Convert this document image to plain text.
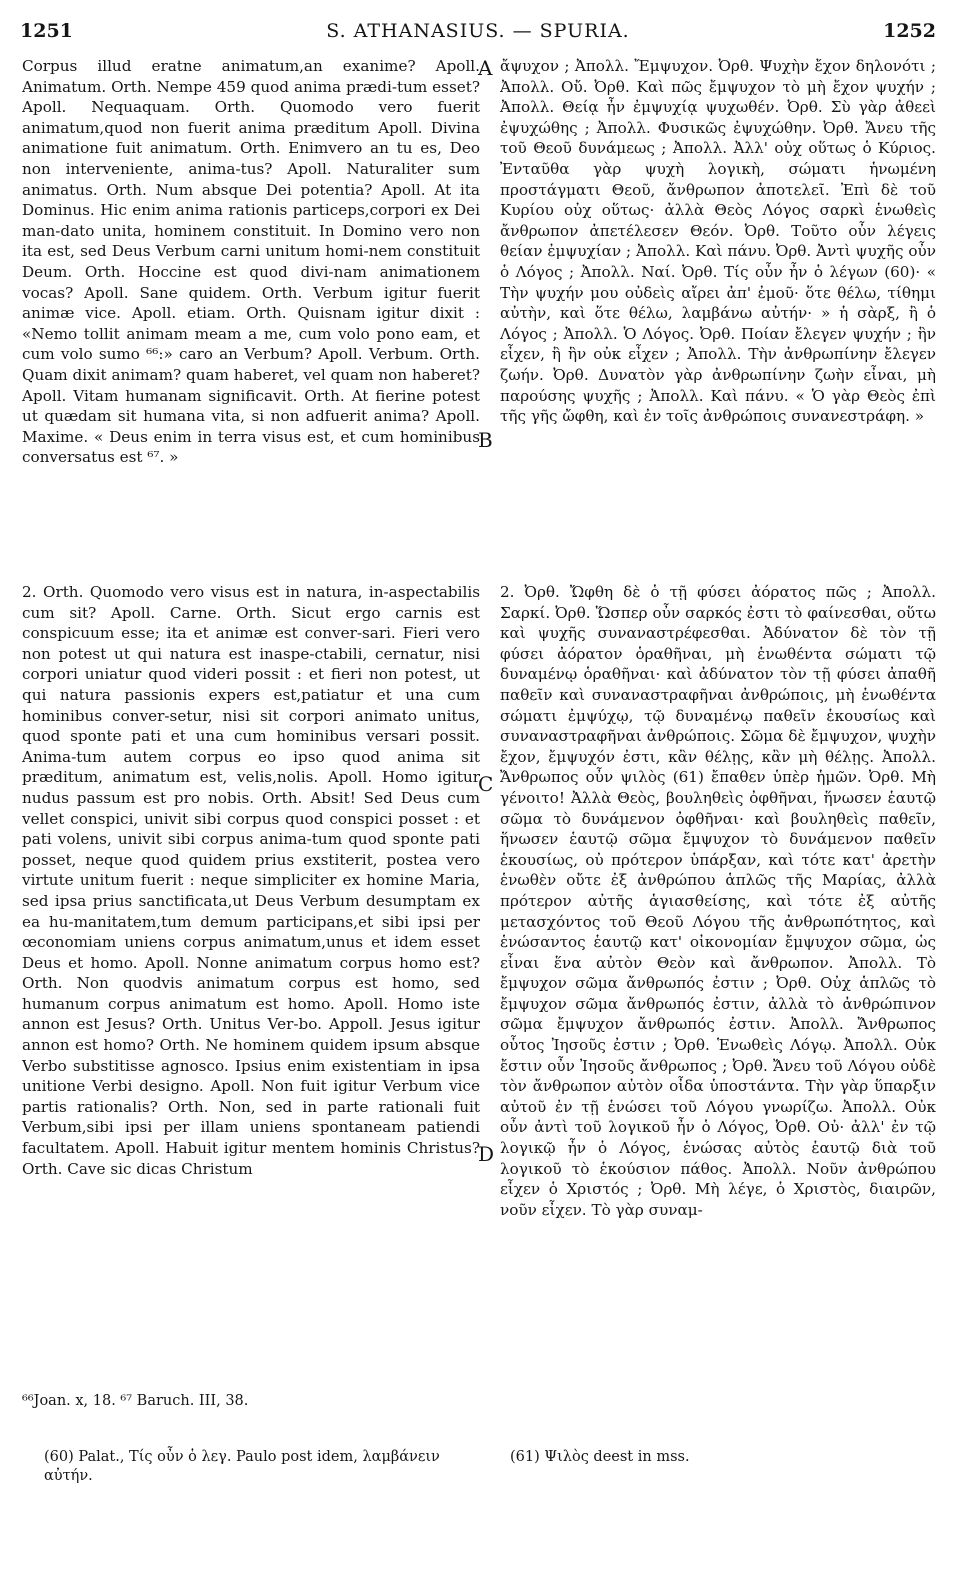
1251	S. ATHANASIUS. — SPURIA.	1252

Corpus illud eratne animatum,an exanime? Apoll. Animatum. Orth. Nempe 459 quod anima prædi-tum esset? Apoll. Nequaquam. Orth. Quomodo vero fuerit animatum,quod non fuerit anima præditum Apoll. Divina animatione fuit animatum. Orth. Enimvero an tu es, Deo non interveniente, anima-tus? Apoll. Naturaliter sum animatus. Orth. Num absque Dei potentia? Apoll. At ita Dominus. Hic enim anima rationis particeps,corpori ex Dei man-dato unita, hominem constituit. In Domino vero non ita est, sed Deus Verbum carni unitum homi-nem constituit Deum. Orth. Hoccine est quod divi-nam animationem vocas? Apoll. Sane quidem. Orth. Verbum igitur fuerit animæ vice. Apoll. etiam. Orth. Quisnam igitur dixit : «Nemo tollit animam meam a me, cum volo pono eam, et cum volo sumo ⁶⁶:» caro an Verbum? Apoll. Verbum. Orth. Quam dixit animam? quam haberet, vel quam non haberet? Apoll. Vitam humanam significavit. Orth. At fierine potest ut quædam sit humana vita, si non adfuerit anima? Apoll. Maxime. « Deus enim in terra visus est, et cum hominibus conversatus est ⁶⁷. »

2. Orth. Quomodo vero visus est in natura, in-aspectabilis cum sit? Apoll. Carne. Orth. Sicut ergo carnis est conspicuum esse; ita et animæ est conver-sari. Fieri vero non potest ut qui natura est inaspe-ctabili, cernatur, nisi corpori uniatur quod videri possit : et fieri non potest, ut qui natura passionis expers est,patiatur et una cum hominibus conver-setur, nisi sit corpori animato unitus, quod sponte pati et una cum hominibus versari possit. Anima-tum autem corpus eo ipso quod anima sit præditum, animatum est, velis,nolis. Apoll. Homo igitur nudus passum est pro nobis. Orth. Absit! Sed Deus cum vellet conspici, univit sibi corpus quod conspici posset : et pati volens, univit sibi corpus anima-tum quod sponte pati posset, neque quod quidem prius exstiterit, postea vero virtute unitum fuerit : neque simpliciter ex homine Maria, sed ipsa prius sanctificata,ut Deus Verbum desumptam ex ea hu-manitatem,tum demum participans,et sibi ipsi per œconomiam uniens corpus animatum,unus et idem esset Deus et homo. Apoll. Nonne animatum corpus homo est? Orth. Non quodvis animatum corpus est homo, sed humanum corpus animatum est homo. Apoll. Homo iste annon est Jesus? Orth. Unitus Ver-bo. Appoll. Jesus igitur annon est homo? Orth. Ne hominem quidem ipsum absque Verbo substitisse agnosco. Ipsius enim existentiam in ipsa unitione Verbi designo. Apoll. Non fuit igitur Verbum vice partis rationalis? Orth. Non, sed in parte rationali fuit Verbum,sibi ipsi per illam uniens spontaneam patiendi facultatem. Apoll. Habuit igitur mentem hominis Christus? Orth. Cave sic dicas Christum

ἄψυχον ; Ἀπολλ. Ἔμψυχον. Ὀρθ. Ψυχὴν ἔχον δηλονότι ; Ἀπολλ. Οὔ. Ὀρθ. Καὶ πῶς ἔμψυχον τὸ μὴ ἔχον ψυχήν ; Ἀπολλ. Θείᾳ ἦν ἐμψυχίᾳ ψυχωθέν. Ὀρθ. Σὺ γὰρ ἀθεεὶ ἐψυχώθης ; Ἀπολλ. Φυσικῶς ἐψυχώθην. Ὀρθ. Ἄνευ τῆς τοῦ Θεοῦ δυνάμεως ; Ἀπολλ. Ἀλλ' οὐχ οὕτως ὁ Κύριος. Ἐνταῦθα γὰρ ψυχὴ λογικὴ, σώματι ἡνωμένη προστάγματι Θεοῦ, ἄνθρωπον ἀποτελεῖ. Ἐπὶ δὲ τοῦ Κυρίου οὐχ οὕτως· ἀλλὰ Θεὸς Λόγος σαρκὶ ἑνωθεὶς ἄνθρωπον ἀπετέλεσεν Θεόν. Ὀρθ. Τοῦτο οὖν λέγεις θείαν ἐμψυχίαν ; Ἀπολλ. Καὶ πάνυ. Ὀρθ. Ἀντὶ ψυχῆς οὖν ὁ Λόγος ; Ἀπολλ. Ναί. Ὀρθ. Τίς οὖν ἦν ὁ λέγων (60)· « Τὴν ψυχήν μου οὐδεὶς αἴρει ἀπ' ἐμοῦ· ὅτε θέλω, τίθημι αὐτὴν, καὶ ὅτε θέλω, λαμβάνω αὐτήν· » ἡ σὰρξ, ἢ ὁ Λόγος ; Ἀπολλ. Ὁ Λόγος. Ὀρθ. Ποίαν ἔλεγεν ψυχήν ; ἣν εἶχεν, ἢ ἣν οὐκ εἶχεν ; Ἀπολλ. Τὴν ἀνθρωπίνην ἔλεγεν ζωήν. Ὀρθ. Δυνατὸν γὰρ ἀνθρωπίνην ζωὴν εἶναι, μὴ παρούσης ψυχῆς ; Ἀπολλ. Καὶ πάνυ. « Ὁ γὰρ Θεὸς ἐπὶ τῆς γῆς ὤφθη, καὶ ἐν τοῖς ἀνθρώποις συνανεστράφη. »

2. Ὀρθ. Ὤφθη δὲ ὁ τῇ φύσει ἀόρατος πῶς ; Ἀπολλ. Σαρκί. Ὀρθ. Ὥσπερ οὖν σαρκός ἐστι τὸ φαίνεσθαι, οὕτω καὶ ψυχῆς συναναστρέφεσθαι. Ἀδύνατον δὲ τὸν τῇ φύσει ἀόρατον ὁραθῆναι, μὴ ἑνωθέντα σώματι τῷ δυναμένῳ ὁραθῆναι· καὶ ἀδύνατον τὸν τῇ φύσει ἀπαθῆ παθεῖν καὶ συναναστραφῆναι ἀνθρώποις, μὴ ἑνωθέντα σώματι ἐμψύχῳ, τῷ δυναμένῳ παθεῖν ἑκουσίως καὶ συναναστραφῆναι ἀνθρώποις. Σῶμα δὲ ἔμψυχον, ψυχὴν ἔχον, ἔμψυχόν ἐστι, κἂν θέλῃς, κἂν μὴ θέλῃς. Ἀπολλ. Ἄνθρωπος οὖν ψιλὸς (61) ἔπαθεν ὑπὲρ ἡμῶν. Ὀρθ. Μὴ γένοιτο! Ἀλλὰ Θεὸς, βουληθεὶς ὀφθῆναι, ἥνωσεν ἑαυτῷ σῶμα τὸ δυνάμενον ὀφθῆναι· καὶ βουληθεὶς παθεῖν, ἥνωσεν ἑαυτῷ σῶμα ἔμψυχον τὸ δυνάμενον παθεῖν ἑκουσίως, οὐ πρότερον ὑπάρξαν, καὶ τότε κατ' ἀρετὴν ἑνωθὲν οὔτε ἐξ ἀνθρώπου ἁπλῶς τῆς Μαρίας, ἀλλὰ πρότερον αὐτῆς ἁγιασθείσης, καὶ τότε ἐξ αὐτῆς μετασχόντος τοῦ Θεοῦ Λόγου τῆς ἀνθρωπότητος, καὶ ἑνώσαντος ἑαυτῷ κατ' οἰκονομίαν ἔμψυχον σῶμα, ὡς εἶναι ἕνα αὐτὸν Θεὸν καὶ ἄνθρωπον. Ἀπολλ. Τὸ ἔμψυχον σῶμα ἄνθρωπός ἐστιν ; Ὀρθ. Οὐχ ἁπλῶς τὸ ἔμψυχον σῶμα ἄνθρωπός ἐστιν, ἀλλὰ τὸ ἀνθρώπινον σῶμα ἔμψυχον ἄνθρωπός ἐστιν. Ἀπολλ. Ἄνθρωπος οὗτος Ἰησοῦς ἐστιν ; Ὀρθ. Ἑνωθεὶς Λόγῳ. Ἀπολλ. Οὐκ ἔστιν οὖν Ἰησοῦς ἄνθρωπος ; Ὀρθ. Ἄνευ τοῦ Λόγου οὐδὲ τὸν ἄνθρωπον αὐτὸν οἶδα ὑποστάντα. Τὴν γὰρ ὕπαρξιν αὐτοῦ ἐν τῇ ἑνώσει τοῦ Λόγου γνωρίζω. Ἀπολλ. Οὐκ οὖν ἀντὶ τοῦ λογικοῦ ἦν ὁ Λόγος, Ὀρθ. Οὐ· ἀλλ' ἐν τῷ λογικῷ ἦν ὁ Λόγος, ἑνώσας αὐτὸς ἑαυτῷ διὰ τοῦ λογικοῦ τὸ ἑκούσιον πάθος. Ἀπολλ. Νοῦν ἀνθρώπου εἶχεν ὁ Χριστός ; Ὀρθ. Μὴ λέγε, ὁ Χριστὸς, διαιρῶν, νοῦν εἶχεν. Τὸ γὰρ συναμ-

A
B
C
D
⁶⁶Joan. x, 18. ⁶⁷ Baruch. III, 38.
(60) Palat., Τίς οὖν ὁ λεγ. Paulo post idem, λαμβάνειν αὐτήν.
(61) Ψιλὸς deest in mss.
